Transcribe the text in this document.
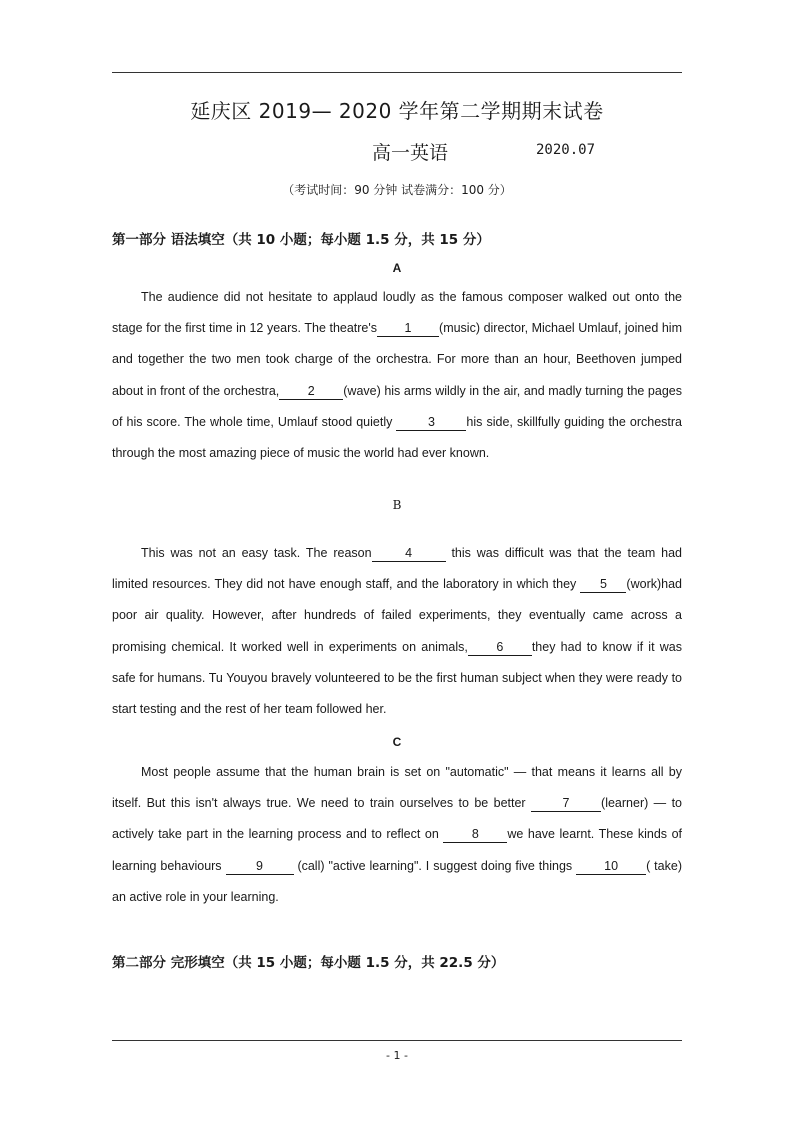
延庆区 2019— 2020 学年第二学期期末试卷
高一英语	2020.07
（考试时间：90 分钟 试卷满分：100 分）
第一部分 语法填空（共 10 小题；每小题 1.5 分，共 15 分）
A
The audience did not hesitate to applaud loudly as the famous composer walked out onto the stage for the first time in 12 years. The theatre's 1 (music) director, Michael Umlauf, joined him and together the two men took charge of the orchestra. For more than an hour, Beethoven jumped about in front of the orchestra, 2 (wave) his arms wildly in the air, and madly turning the pages of his score. The whole time, Umlauf stood quietly	3	his side, skillfully guiding the orchestra through the most amazing piece of music the world had ever known.
B
This was not an easy task. The reason	4	this was difficult was that the team had limited resources. They did not have enough staff, and the laboratory in which they 5 (work)had poor air quality. However, after hundreds of failed experiments, they eventually came across a promising chemical. It worked well in experiments on animals, 6 they had to know if it was safe for humans. Tu Youyou bravely volunteered to be the first human subject when they were ready to start testing and the rest of her team followed her.
C
Most people assume that the human brain is set on "automatic" — that means it learns all by itself. But this isn't always true. We need to train ourselves to be better	7	(learner) — to actively take part in the learning process and to reflect on	8 we have learnt. These kinds of learning behaviours	9	(call) "active learning". I suggest doing five things	10 ( take) an active role in your learning.
第二部分 完形填空（共 15 小题；每小题 1.5 分，共 22.5 分）
- 1 -
